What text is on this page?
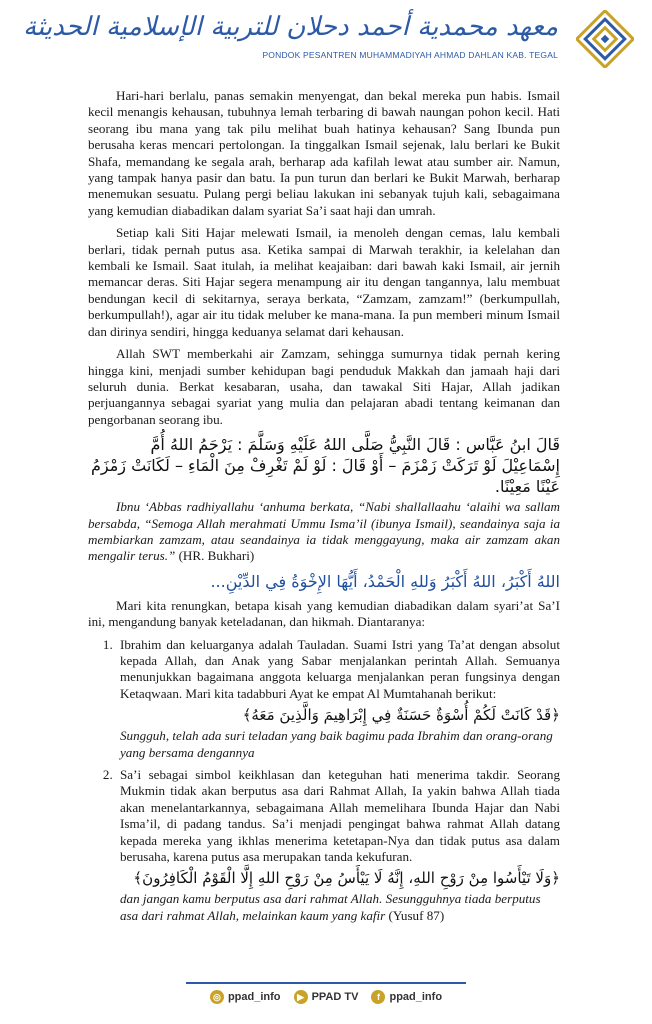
معهد محمدية أحمد دحلان للتربية الإسلامية الحديثة
PONDOK PESANTREN MUHAMMADIYAH AHMAD DAHLAN KAB. TEGAL

Hari-hari berlalu, panas semakin menyengat, dan bekal mereka pun habis. Ismail kecil menangis kehausan, tubuhnya lemah terbaring di bawah naungan pohon kecil. Hati seorang ibu mana yang tak pilu melihat buah hatinya kehausan? Sang Ibunda pun berusaha keras mencari pertolongan. Ia tinggalkan Ismail sejenak, lalu berlari ke Bukit Shafa, memandang ke segala arah, berharap ada kafilah lewat atau sumber air. Namun, yang tampak hanya pasir dan batu. Ia pun turun dan berlari ke Bukit Marwah, berharap menemukan sesuatu. Pulang pergi beliau lakukan ini sebanyak tujuh kali, sebagaimana yang kemudian diabadikan dalam syariat Sa’i saat haji dan umrah.

Setiap kali Siti Hajar melewati Ismail, ia menoleh dengan cemas, lalu kembali berlari, tidak pernah putus asa. Ketika sampai di Marwah terakhir, ia kelelahan dan kembali ke Ismail. Saat itulah, ia melihat keajaiban: dari bawah kaki Ismail, air jernih memancar deras. Siti Hajar segera menampung air itu dengan tangannya, lalu membuat bendungan kecil di sekitarnya, seraya berkata, “Zamzam, zamzam!” (berkumpullah, berkumpullah!), agar air itu tidak meluber ke mana-mana. Ia pun memberi minum Ismail dan dirinya sendiri, hingga keduanya selamat dari kehausan.

Allah SWT memberkahi air Zamzam, sehingga sumurnya tidak pernah kering hingga kini, menjadi sumber kehidupan bagi penduduk Makkah dan jamaah haji dari seluruh dunia. Berkat kesabaran, usaha, dan tawakal Siti Hajar, Allah jadikan perjuangannya sebagai syariat yang mulia dan pelajaran abadi tentang keimanan dan pengorbanan seorang ibu.

قَالَ ابنُ عَبَّاس : قَالَ النَّبِيُّ صَلَّى اللهُ عَلَيْهِ وَسَلَّمَ : يَرْحَمُ اللهُ أُمَّ إِسْمَاعِيْلَ لَوْ تَرَكَتْ زَمْزَمَ – أَوْ قَالَ : لَوْ لَمْ تَغْرِفْ مِنَ الْمَاءِ – لَكَانَتْ زَمْزَمُ عَيْنًا مَعِيْنًا.

Ibnu ‘Abbas radhiyallahu ‘anhuma berkata, “Nabi shallallaahu ‘alaihi wa sallam bersabda, “Semoga Allah merahmati Ummu Isma’il (ibunya Ismail), seandainya saja ia membiarkan zamzam, atau seandainya ia tidak menggayung, maka air zamzam akan mengalir terus.” (HR. Bukhari)

اللهُ أَكْبَرُ، اللهُ أَكْبَرُ وَللهِ الْحَمْدُ، أَيُّهَا الإِخْوَةُ فِي الدِّيْنِ...

Mari kita renungkan, betapa kisah yang kemudian diabadikan dalam syari’at Sa’I ini, mengandung banyak keteladanan, dan hikmah. Diantaranya:

1. Ibrahim dan keluarganya adalah Tauladan. Suami Istri yang Ta’at dengan absolut kepada Allah, dan Anak yang Sabar menjalankan perintah Allah. Semuanya menunjukkan bagaimana anggota keluarga menjalankan peran fungsinya dengan Ketaqwaan. Mari kita tadabburi Ayat ke empat Al Mumtahanah berikut:
﴿قَدْ كَانَتْ لَكُمْ أُسْوَةٌ حَسَنَةٌ فِي إِبْرَاهِيمَ وَالَّذِينَ مَعَهُ﴾
Sungguh, telah ada suri teladan yang baik bagimu pada Ibrahim dan orang-orang yang bersama dengannya
2. Sa’i sebagai simbol keikhlasan dan keteguhan hati menerima takdir. Seorang Mukmin tidak akan berputus asa dari Rahmat Allah, Ia yakin bahwa Allah tiada akan menelantarkannya, sebagaimana Allah memelihara Ibunda Hajar dan Nabi Isma’il, di padang tandus. Sa’i menjadi pengingat bahwa rahmat Allah datang kepada mereka yang ikhlas menerima ketetapan-Nya dan tidak putus asa dalam berusaha, karena putus asa merupakan tanda kekufuran.
﴿وَلَا تَيْأَسُوا مِنْ رَوْحِ اللهِ، إِنَّهُ لَا يَيْأَسُ مِنْ رَوْحِ اللهِ إِلَّا الْقَوْمُ الْكَافِرُونَ﴾
dan jangan kamu berputus asa dari rahmat Allah. Sesungguhnya tiada berputus asa dari rahmat Allah, melainkan kaum yang kafir (Yusuf 87)
◎ ppad_info
	▶ PPAD TV
	f ppad_info
